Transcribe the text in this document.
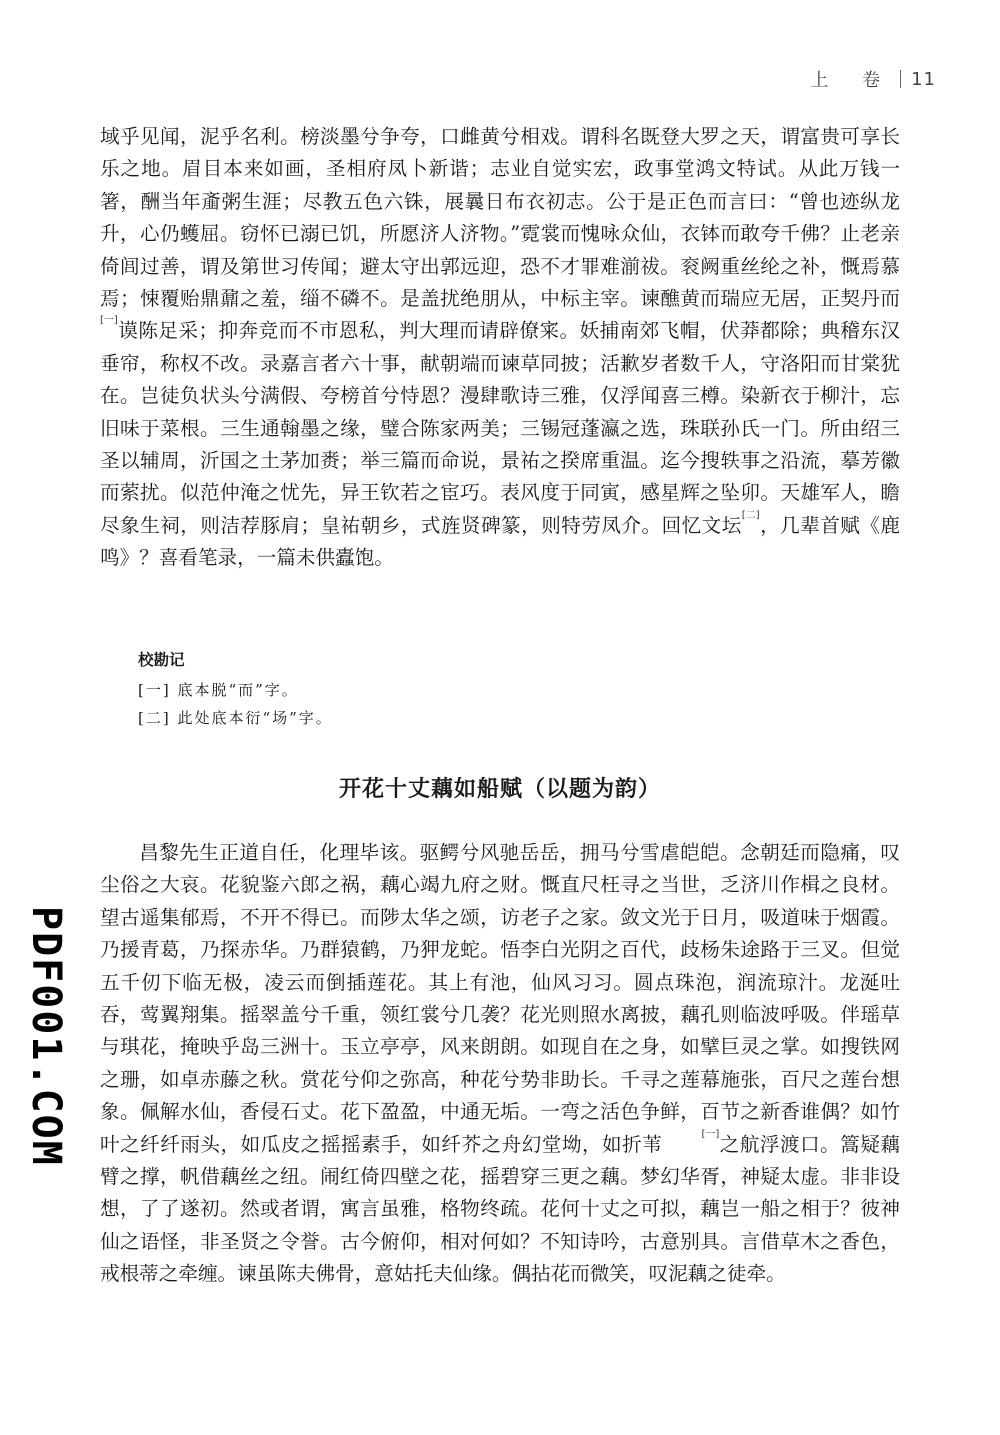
上 卷 11
域乎见闻，泥乎名利。榜淡墨兮争夸，口雌黄兮相戏。谓科名既登大罗之天，谓富贵可享长乐之地。眉目本来如画，圣相府凤卜新谐；志业自觉实宏，政事堂鸿文特试。从此万钱一箸，酬当年齑粥生涯；尽教五色六铢，展曩日布衣初志。公于是正色而言曰：“曾也迹纵龙升，心仍蠖屈。窃怀已溺已饥，所愿济人济物。”霓裳而愧咏众仙，衣钵而敢夸千佛？止老亲倚闾过善，谓及第世习传闻；避太守出郭远迎，恐不才罪难湔祓。衮阙重丝纶之补，慨焉慕焉；悚覆贻鼎鼐之羞，缁不磷不。是盖扰绝朋从，中标主宰。谏醮黄而瑞应无居，正契丹而[一]谟陈足采；抑奔竞而不市恩私，判大理而请辟僚宷。妖捕南郊飞帽，伏莽都除；典稽东汉垂帘，称权不改。录嘉言者六十事，献朝端而谏草同披；活歉岁者数千人，守洛阳而甘棠犹在。岂徒负状头兮满假、夸榜首兮恃恩？漫肆歌诗三雅，仅浮闻喜三樽。染新衣于柳汁，忘旧味于菜根。三生通翰墨之缘，璧合陈家两美；三锡冠蓬瀛之选，珠联孙氏一门。所由绍三圣以辅周，沂国之土茅加赉；举三篇而命说，景祐之揆席重温。迄今搜轶事之沿流，摹芳徽而萦扰。似范仲淹之忧先，异王钦若之宦巧。表风度于同寅，感星辉之坠卯。天雄军人，瞻尽象生祠，则洁荐豚肩；皇祐朝乡，式旌贤碑篆，则特劳凤介。回忆文坛[二]，几辈首赋《鹿鸣》？喜看笔录，一篇未供蠹饱。
校勘记
[一] 底本脱“而”字。
[二] 此处底本衍“场”字。
开花十丈藕如船赋（以题为韵）
昌黎先生正道自任，化理毕该。驱鳄兮风驰岳岳，拥马兮雪虐皑皑。念朝廷而隐痛，叹尘俗之大哀。花貌鉴六郎之祸，藕心竭九府之财。慨直尺枉寻之当世，乏济川作楫之良材。望古遥集郁焉，不开不得已。而陟太华之颂，访老子之家。敛文光于日月，吸道味于烟霞。乃援青葛，乃探赤华。乃群猿鹤，乃狎龙蛇。悟李白光阴之百代，歧杨朱途路于三叉。但觉五千仞下临无极，凌云而倒插莲花。其上有池，仙风习习。圆点珠泡，润流琼汁。龙涎吐吞，莺翼翔集。摇翠盖兮千重，领红裳兮几袭？花光则照水离披，藕孔则临波呼吸。伴瑶草与琪花，掩映乎岛三洲十。玉立亭亭，风来朗朗。如现自在之身，如擘巨灵之掌。如搜铁网之珊，如卓赤藤之秋。赏花兮仰之弥高，种花兮势非助长。千寻之莲幕施张，百尺之莲台想象。佩解水仙，香侵石丈。花下盈盈，中通无垢。一弯之活色争鲜，百节之新香谁偶？如竹叶之纤纤雨头，如瓜皮之摇摇素手，如纤芥之舟幻堂坳，如折苇	[一]之航浮渡口。篙疑藕臂之撑，帆借藕丝之纽。闹红倚四壁之花，摇碧穿三更之藕。梦幻华胥，神疑太虚。非非设想，了了遂初。然或者谓，寓言虽雅，格物终疏。花何十丈之可拟，藕岂一船之相于？彼神仙之语怪，非圣贤之令誉。古今俯仰，相对何如？不知诗吟，古意别具。言借草木之香色，戒根蒂之牵缠。谏虽陈夫佛骨，意姑托夫仙缘。偶拈花而微笑，叹泥藕之徒牵。
PDF001.COM
